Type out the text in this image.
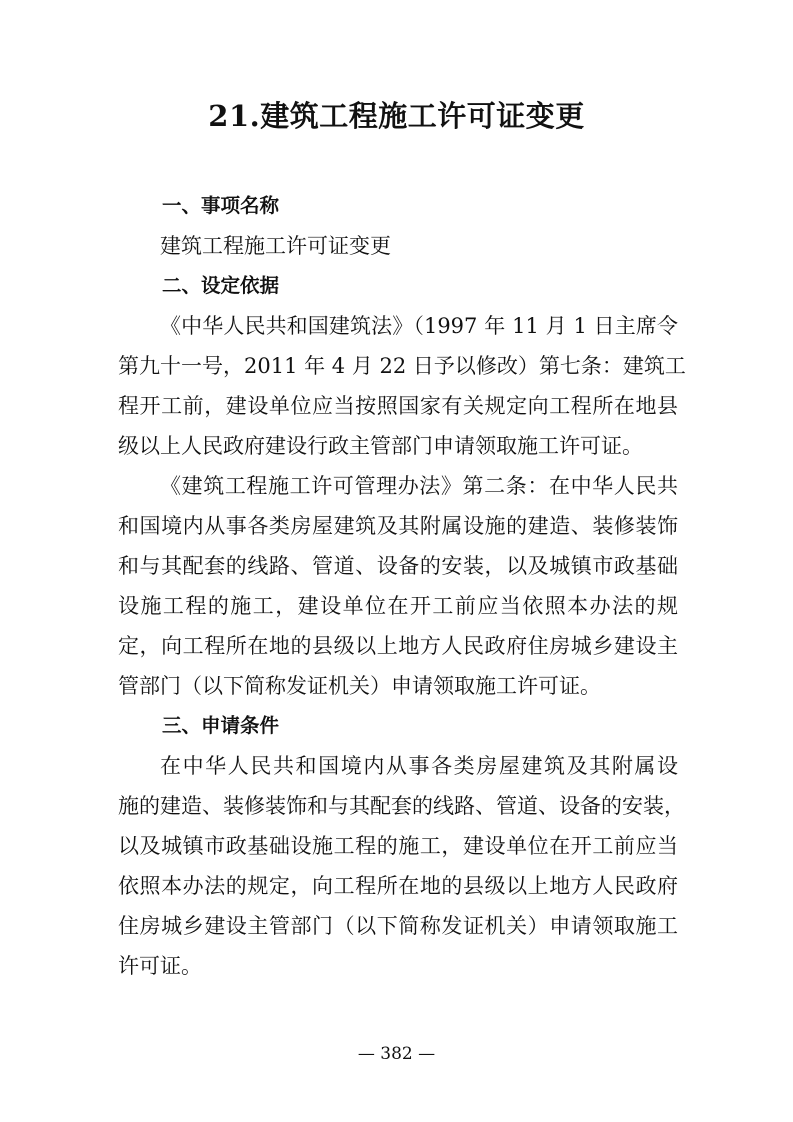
21.建筑工程施工许可证变更
一、事项名称
建筑工程施工许可证变更
二、设定依据
《中华人民共和国建筑法》（1997 年 11 月 1 日主席令
第九十一号，2011 年 4 月 22 日予以修改）第七条：建筑工
程开工前，建设单位应当按照国家有关规定向工程所在地县
级以上人民政府建设行政主管部门申请领取施工许可证。
《建筑工程施工许可管理办法》第二条：在中华人民共
和国境内从事各类房屋建筑及其附属设施的建造、装修装饰
和与其配套的线路、管道、设备的安装，以及城镇市政基础
设施工程的施工，建设单位在开工前应当依照本办法的规
定，向工程所在地的县级以上地方人民政府住房城乡建设主
管部门（以下简称发证机关）申请领取施工许可证。
三、申请条件
在中华人民共和国境内从事各类房屋建筑及其附属设
施的建造、装修装饰和与其配套的线路、管道、设备的安装，
以及城镇市政基础设施工程的施工，建设单位在开工前应当
依照本办法的规定，向工程所在地的县级以上地方人民政府
住房城乡建设主管部门（以下简称发证机关）申请领取施工
许可证。
— 382 —
